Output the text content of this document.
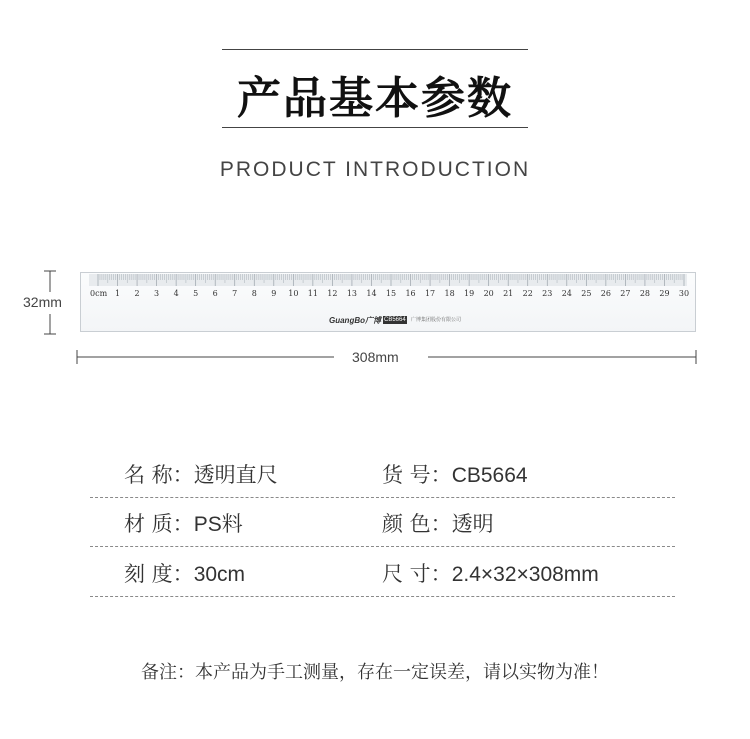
产品基本参数
PRODUCT INTRODUCTION
32mm
0cm 1 2 3 4 5 6 7 8 9 10 11 12 13 14 15 16 17 18 19 20 21 22 23 24 25 26 27 28 29 30
GuangBo广博 CB5664 广博集团股份有限公司
308mm
名 称：透明直尺	货 号：CB5664
材 质：PS料	颜 色：透明
刻 度：30cm	尺 寸：2.4×32×308mm
备注：本产品为手工测量，存在一定误差，请以实物为准！
